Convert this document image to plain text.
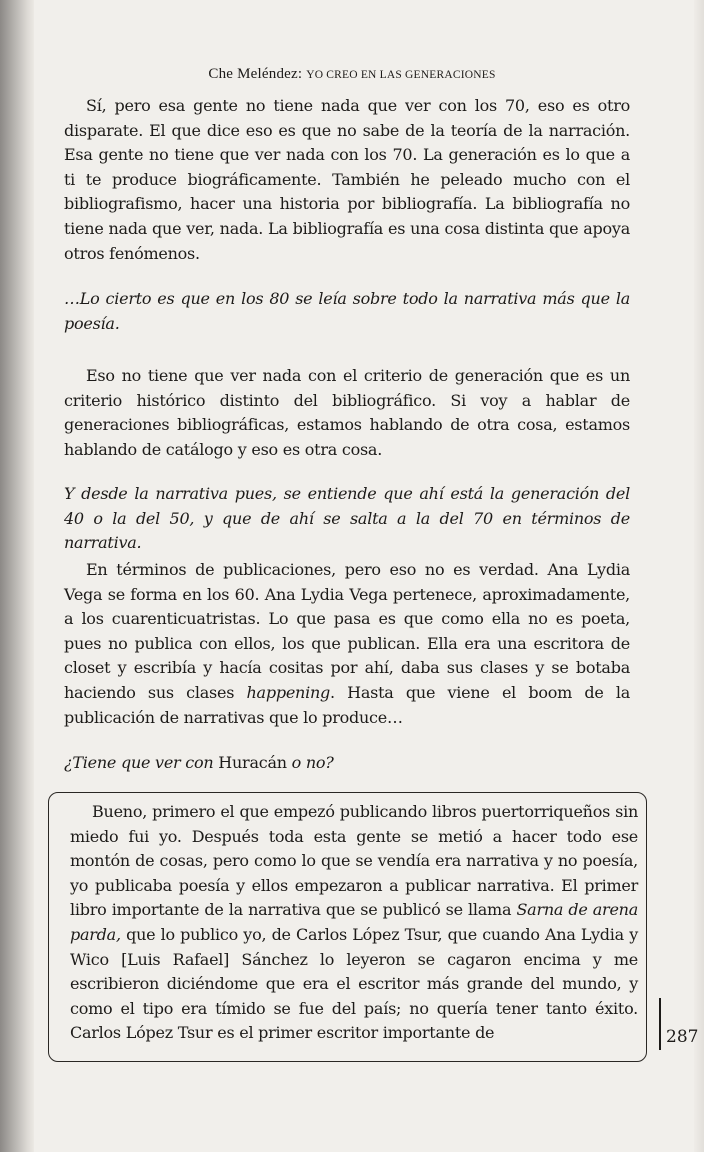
Che Meléndez: YO CREO EN LAS GENERACIONES

Sí, pero esa gente no tiene nada que ver con los 70, eso es otro disparate. El que dice eso es que no sabe de la teoría de la narración. Esa gente no tiene que ver nada con los 70. La generación es lo que a ti te produce biográficamente. También he peleado mucho con el bibliografismo, hacer una historia por bibliografía. La bibliografía no tiene nada que ver, nada. La bibliografía es una cosa distinta que apoya otros fenómenos.

…Lo cierto es que en los 80 se leía sobre todo la narrativa más que la poesía.

Eso no tiene que ver nada con el criterio de generación que es un criterio histórico distinto del bibliográfico. Si voy a hablar de generaciones bibliográficas, estamos hablando de otra cosa, estamos hablando de catálogo y eso es otra cosa.

Y desde la narrativa pues, se entiende que ahí está la generación del 40 o la del 50, y que de ahí se salta a la del 70 en términos de narrativa.

En términos de publicaciones, pero eso no es verdad. Ana Lydia Vega se forma en los 60. Ana Lydia Vega pertenece, aproximadamente, a los cuarenticuatristas. Lo que pasa es que como ella no es poeta, pues no publica con ellos, los que publican. Ella era una escritora de closet y escribía y hacía cositas por ahí, daba sus clases y se botaba haciendo sus clases happening. Hasta que viene el boom de la publicación de narrativas que lo produce…

¿Tiene que ver con Huracán o no?

Bueno, primero el que empezó publicando libros puertorriqueños sin miedo fui yo. Después toda esta gente se metió a hacer todo ese montón de cosas, pero como lo que se vendía era narrativa y no poesía, yo publicaba poesía y ellos empezaron a publicar narrativa. El primer libro importante de la narrativa que se publicó se llama Sarna de arena parda, que lo publico yo, de Carlos López Tsur, que cuando Ana Lydia y Wico [Luis Rafael] Sánchez lo leyeron se cagaron encima y me escribieron diciéndome que era el escritor más grande del mundo, y como el tipo era tímido se fue del país; no quería tener tanto éxito. Carlos López Tsur es el primer escritor importante de	287
